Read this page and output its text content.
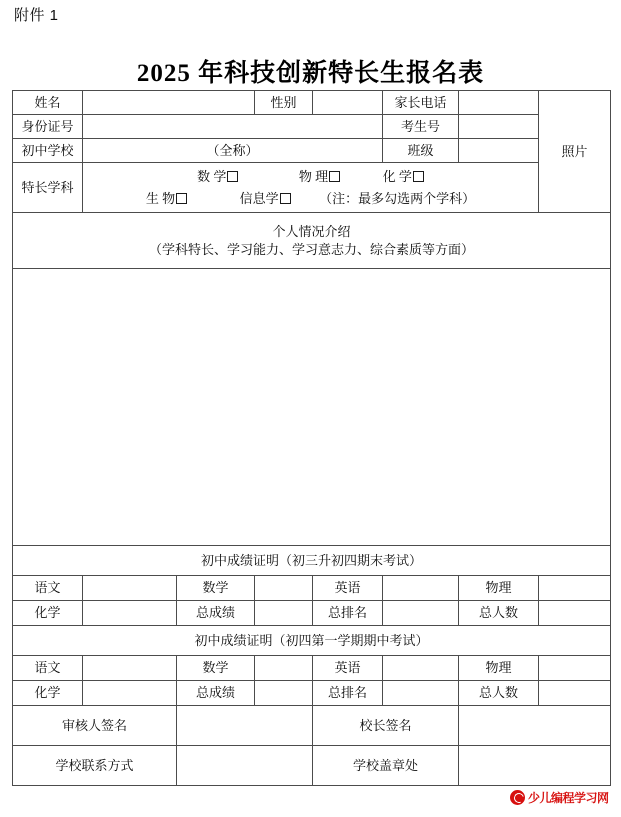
附件 1
2025 年科技创新特长生报名表
姓名			性别		家长电话		照片
身份证号					考生号		
初中学校	（全称）				班级		
特长学科	数 学 物 理 化 学
生 物 信息学 （注：最多勾选两个学科）						

个人情况介绍
（学科特长、学习能力、学习意志力、综合素质等方面）							

初中成绩证明（初三升初四期末考试）							
语文		数学		英语		物理	
化学		总成绩		总排名		总人数	
初中成绩证明（初四第一学期期中考试）							
语文		数学		英语		物理	
化学		总成绩		总排名		总人数	
审核人签名				校长签名			
学校联系方式				学校盖章处			
少儿编程学习网
